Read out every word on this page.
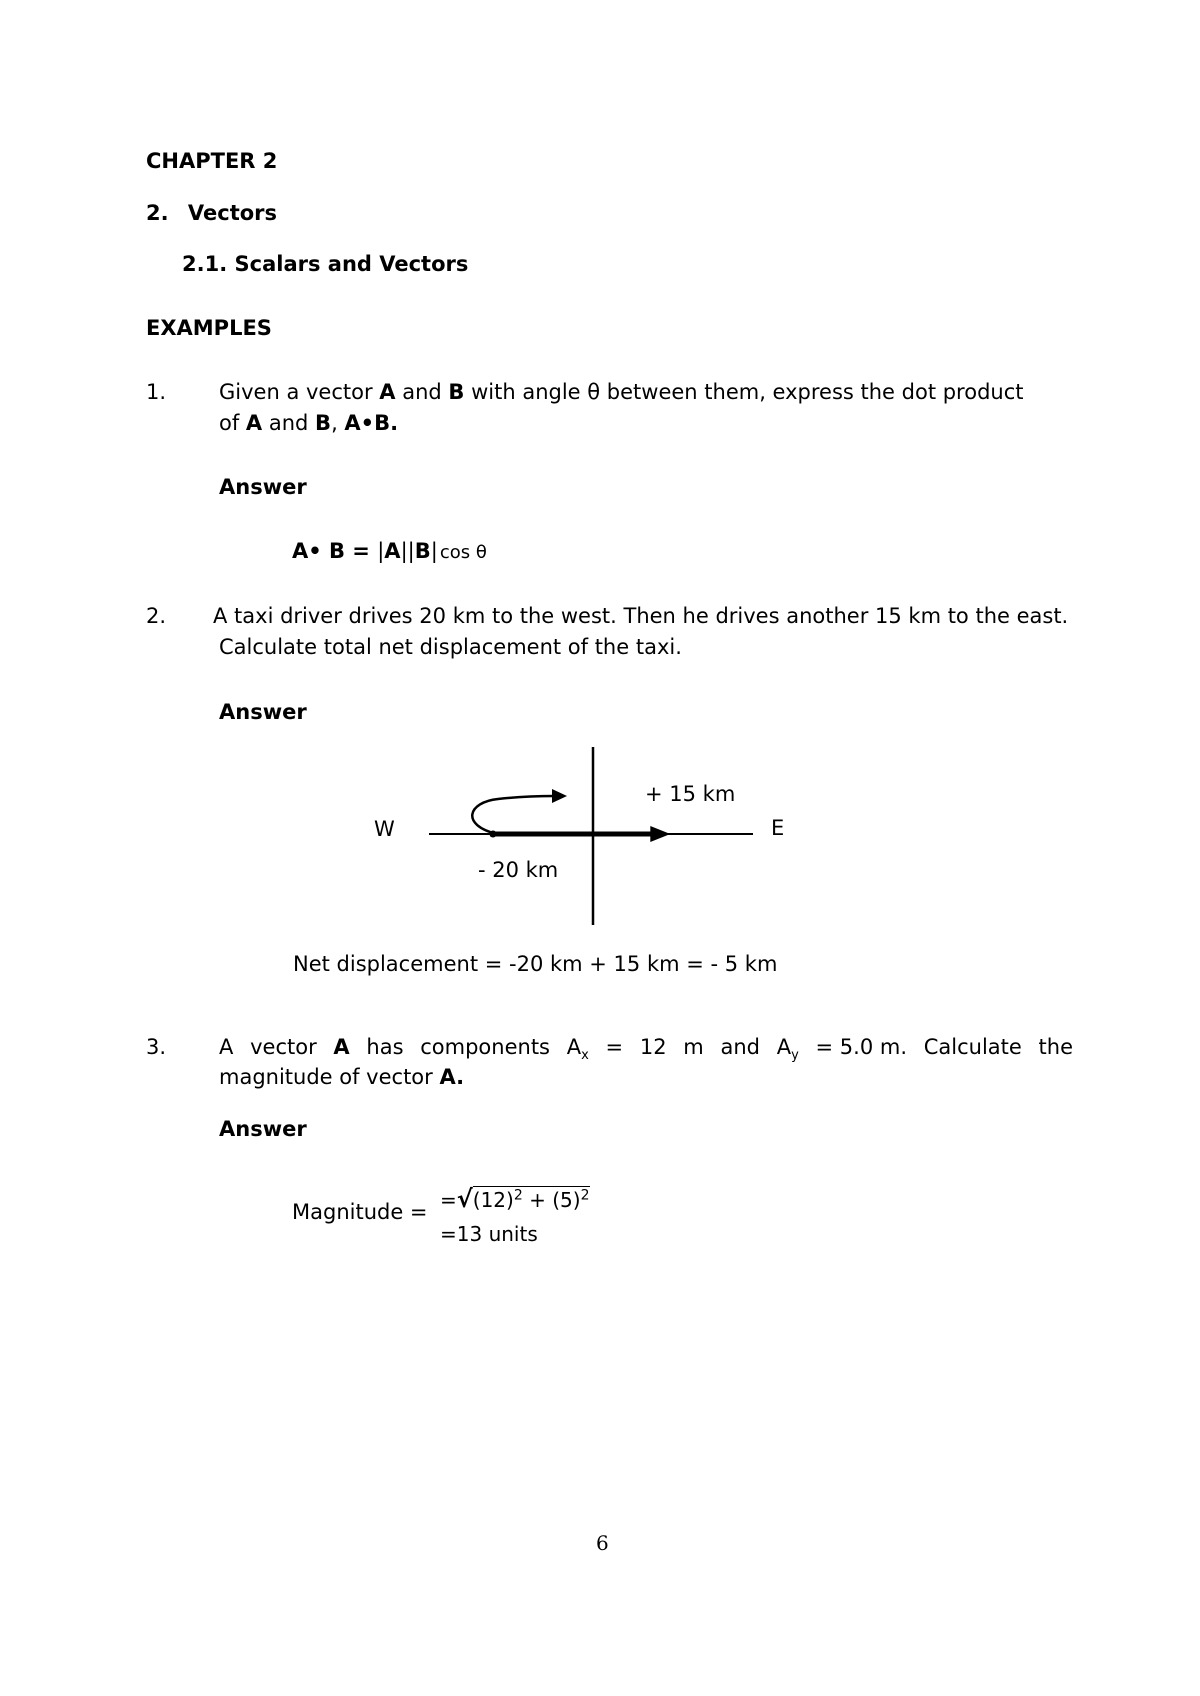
CHAPTER 2
2. Vectors
2.1. Scalars and Vectors
EXAMPLES
1.	Given a vector A and B with angle θ between them, express the dot product
of A and B, A•B.
Answer
A• B = |A||B| cos θ
2. A taxi driver drives 20 km to the west. Then he drives another 15 km to the east.
Calculate total net displacement of the taxi.
Answer
W	E
+ 15 km
- 20 km
Net displacement = -20 km + 15 km = - 5 km
3.	A vector A has components $A_x = 12$ m and $A_y = 5.0$ m. Calculate the
magnitude of vector A.
Answer
Magnitude = $=√(12)^2 + (5)^2$
=13 units
6
